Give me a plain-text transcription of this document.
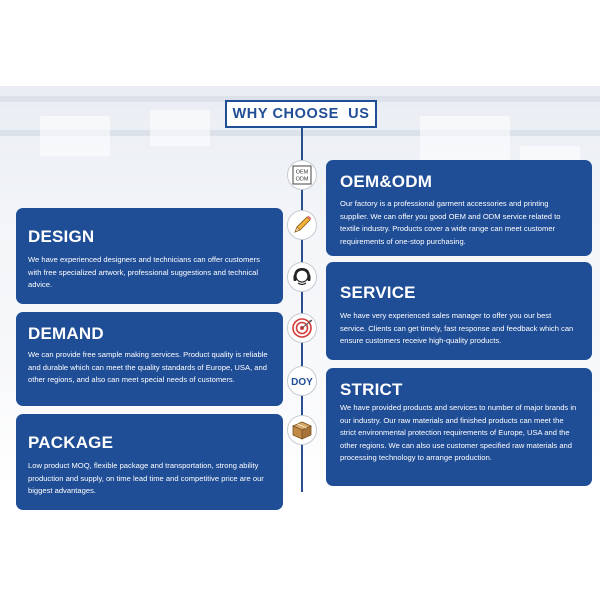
WHY CHOOSE  US
OEM
ODM
DOY
OEM&ODM

Our factory is a professional garment accessories and printing supplier. We can offer you good OEM and ODM service related to textile industry. Products cover a wide range can meet customer requirements of one-stop purchasing.

DESIGN

We have experienced designers and technicians can offer customers with free specialized artwork, professional suggestions and technical advice.	SERVICE

We have very experienced sales manager to offer you our best service. Clients can get timely, fast response and feedback which can ensure customers receive high-quality products.

DEMAND

We can provide free sample making services. Product quality is reliable and durable which can meet the quality standards of Europe, USA, and other regions, and also can meet special needs of customers.

STRICT

We have provided products and services to number of major brands in our industry. Our raw materials and finished products can meet the strict environmental protection requirements of Europe, USA and the other regions. We can also use customer specified raw materials and processing technology to arrange production.

PACKAGE

Low product MOQ, flexible package and transportation, strong ability production and supply, on time lead time and competitive price are our biggest advantages.
